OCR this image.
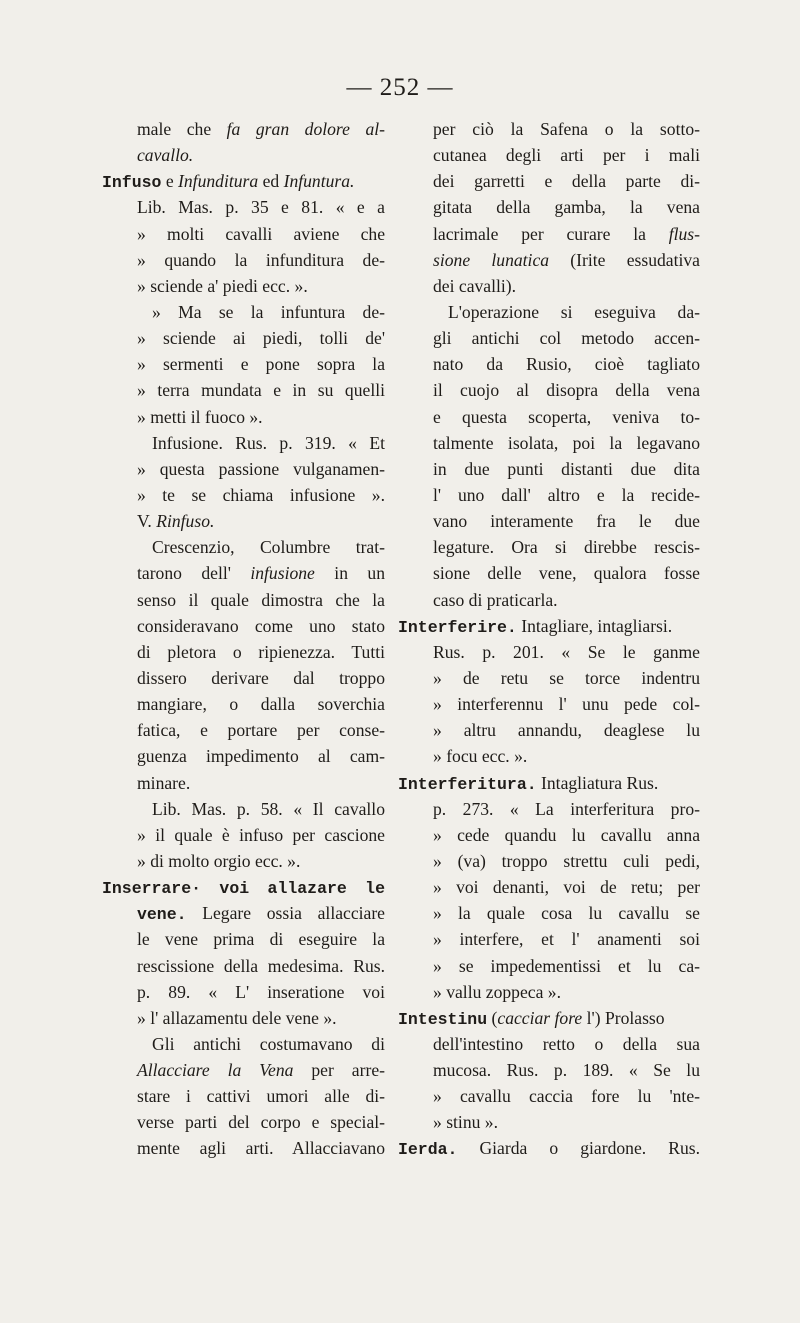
— 252 —
male che fa gran dolore al-
cavallo.
Infuso e Infunditura ed Infuntura.
Lib. Mas. p. 35 e 81. « e a
» molti cavalli aviene che
» quando la infunditura de-
» sciende a' piedi ecc. ».
» Ma se la infuntura de-
» sciende ai piedi, tolli de'
» sermenti e pone sopra la
» terra mundata e in su quelli
» metti il fuoco ».
Infusione. Rus. p. 319. « Et
» questa passione vulganamen-
» te se chiama infusione ».
V. Rinfuso.
Crescenzio, Columbre trat-
tarono dell' infusione in un
senso il quale dimostra che la
consideravano come uno stato
di pletora o ripienezza. Tutti
dissero derivare dal troppo
mangiare, o dalla soverchia
fatica, e portare per conse-
guenza impedimento al cam-
minare.
Lib. Mas. p. 58. « Il cavallo
» il quale è infuso per cascione
» di molto orgio ecc. ».
Inserrare· voi allazare le
vene. Legare ossia allacciare
le vene prima di eseguire la
rescissione della medesima. Rus.
p. 89. « L' inseratione voi
» l' allazamentu dele vene ».
Gli antichi costumavano di
Allacciare la Vena per arre-
stare i cattivi umori alle di-
verse parti del corpo e special-
mente agli arti. Allacciavano
per ciò la Safena o la sotto-
cutanea degli arti per i mali
dei garretti e della parte di-
gitata della gamba, la vena
lacrimale per curare la flus-
sione lunatica (Irite essudativa
dei cavalli).
L'operazione si eseguiva da-
gli antichi col metodo accen-
nato da Rusio, cioè tagliato
il cuojo al disopra della vena
e questa scoperta, veniva to-
talmente isolata, poi la legavano
in due punti distanti due dita
l' uno dall' altro e la recide-
vano interamente fra le due
legature. Ora si direbbe rescis-
sione delle vene, qualora fosse
caso di praticarla.
Interferire. Intagliare, intagliarsi.
Rus. p. 201. « Se le ganme
» de retu se torce indentru
» interferennu l' unu pede col-
» altru annandu, deaglese lu
» focu ecc. ».
Interferitura. Intagliatura Rus.
p. 273. « La interferitura pro-
» cede quandu lu cavallu anna
» (va) troppo strettu culi pedi,
» voi denanti, voi de retu; per
» la quale cosa lu cavallu se
» interfere, et l' anamenti soi
» se impedementissi et lu ca-
» vallu zoppeca ».
Intestinu (cacciar fore l') Prolasso
dell'intestino retto o della sua
mucosa. Rus. p. 189. « Se lu
» cavallu caccia fore lu 'nte-
» stinu ».
Ierda. Giarda o giardone. Rus.
